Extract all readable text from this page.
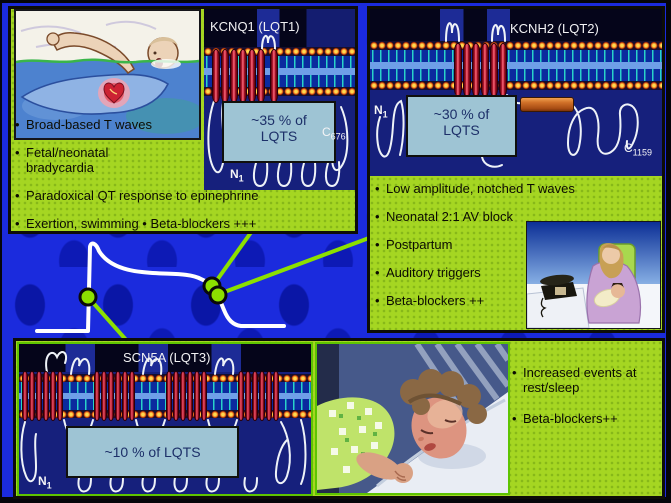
KCNQ1 (LQT1)
~35 % of LQTS	$C_{676}$
$N_1$
• Broad-based T waves
• Fetal/neonatal bradycardia
• Paradoxical QT response to epinephrine
• Exertion, swimming • Beta-blockers +++
KCNH2 (LQT2)
~30 % of LQTS
$N_1$
$C_{1159}$
• Low amplitude, notched T waves
• Neonatal 2:1 AV block
• Postpartum
• Auditory triggers
• Beta-blockers ++
SCN5A (LQT3)
~10 % of LQTS
$N_1$
• Increased events at rest/sleep
• Beta-blockers++
